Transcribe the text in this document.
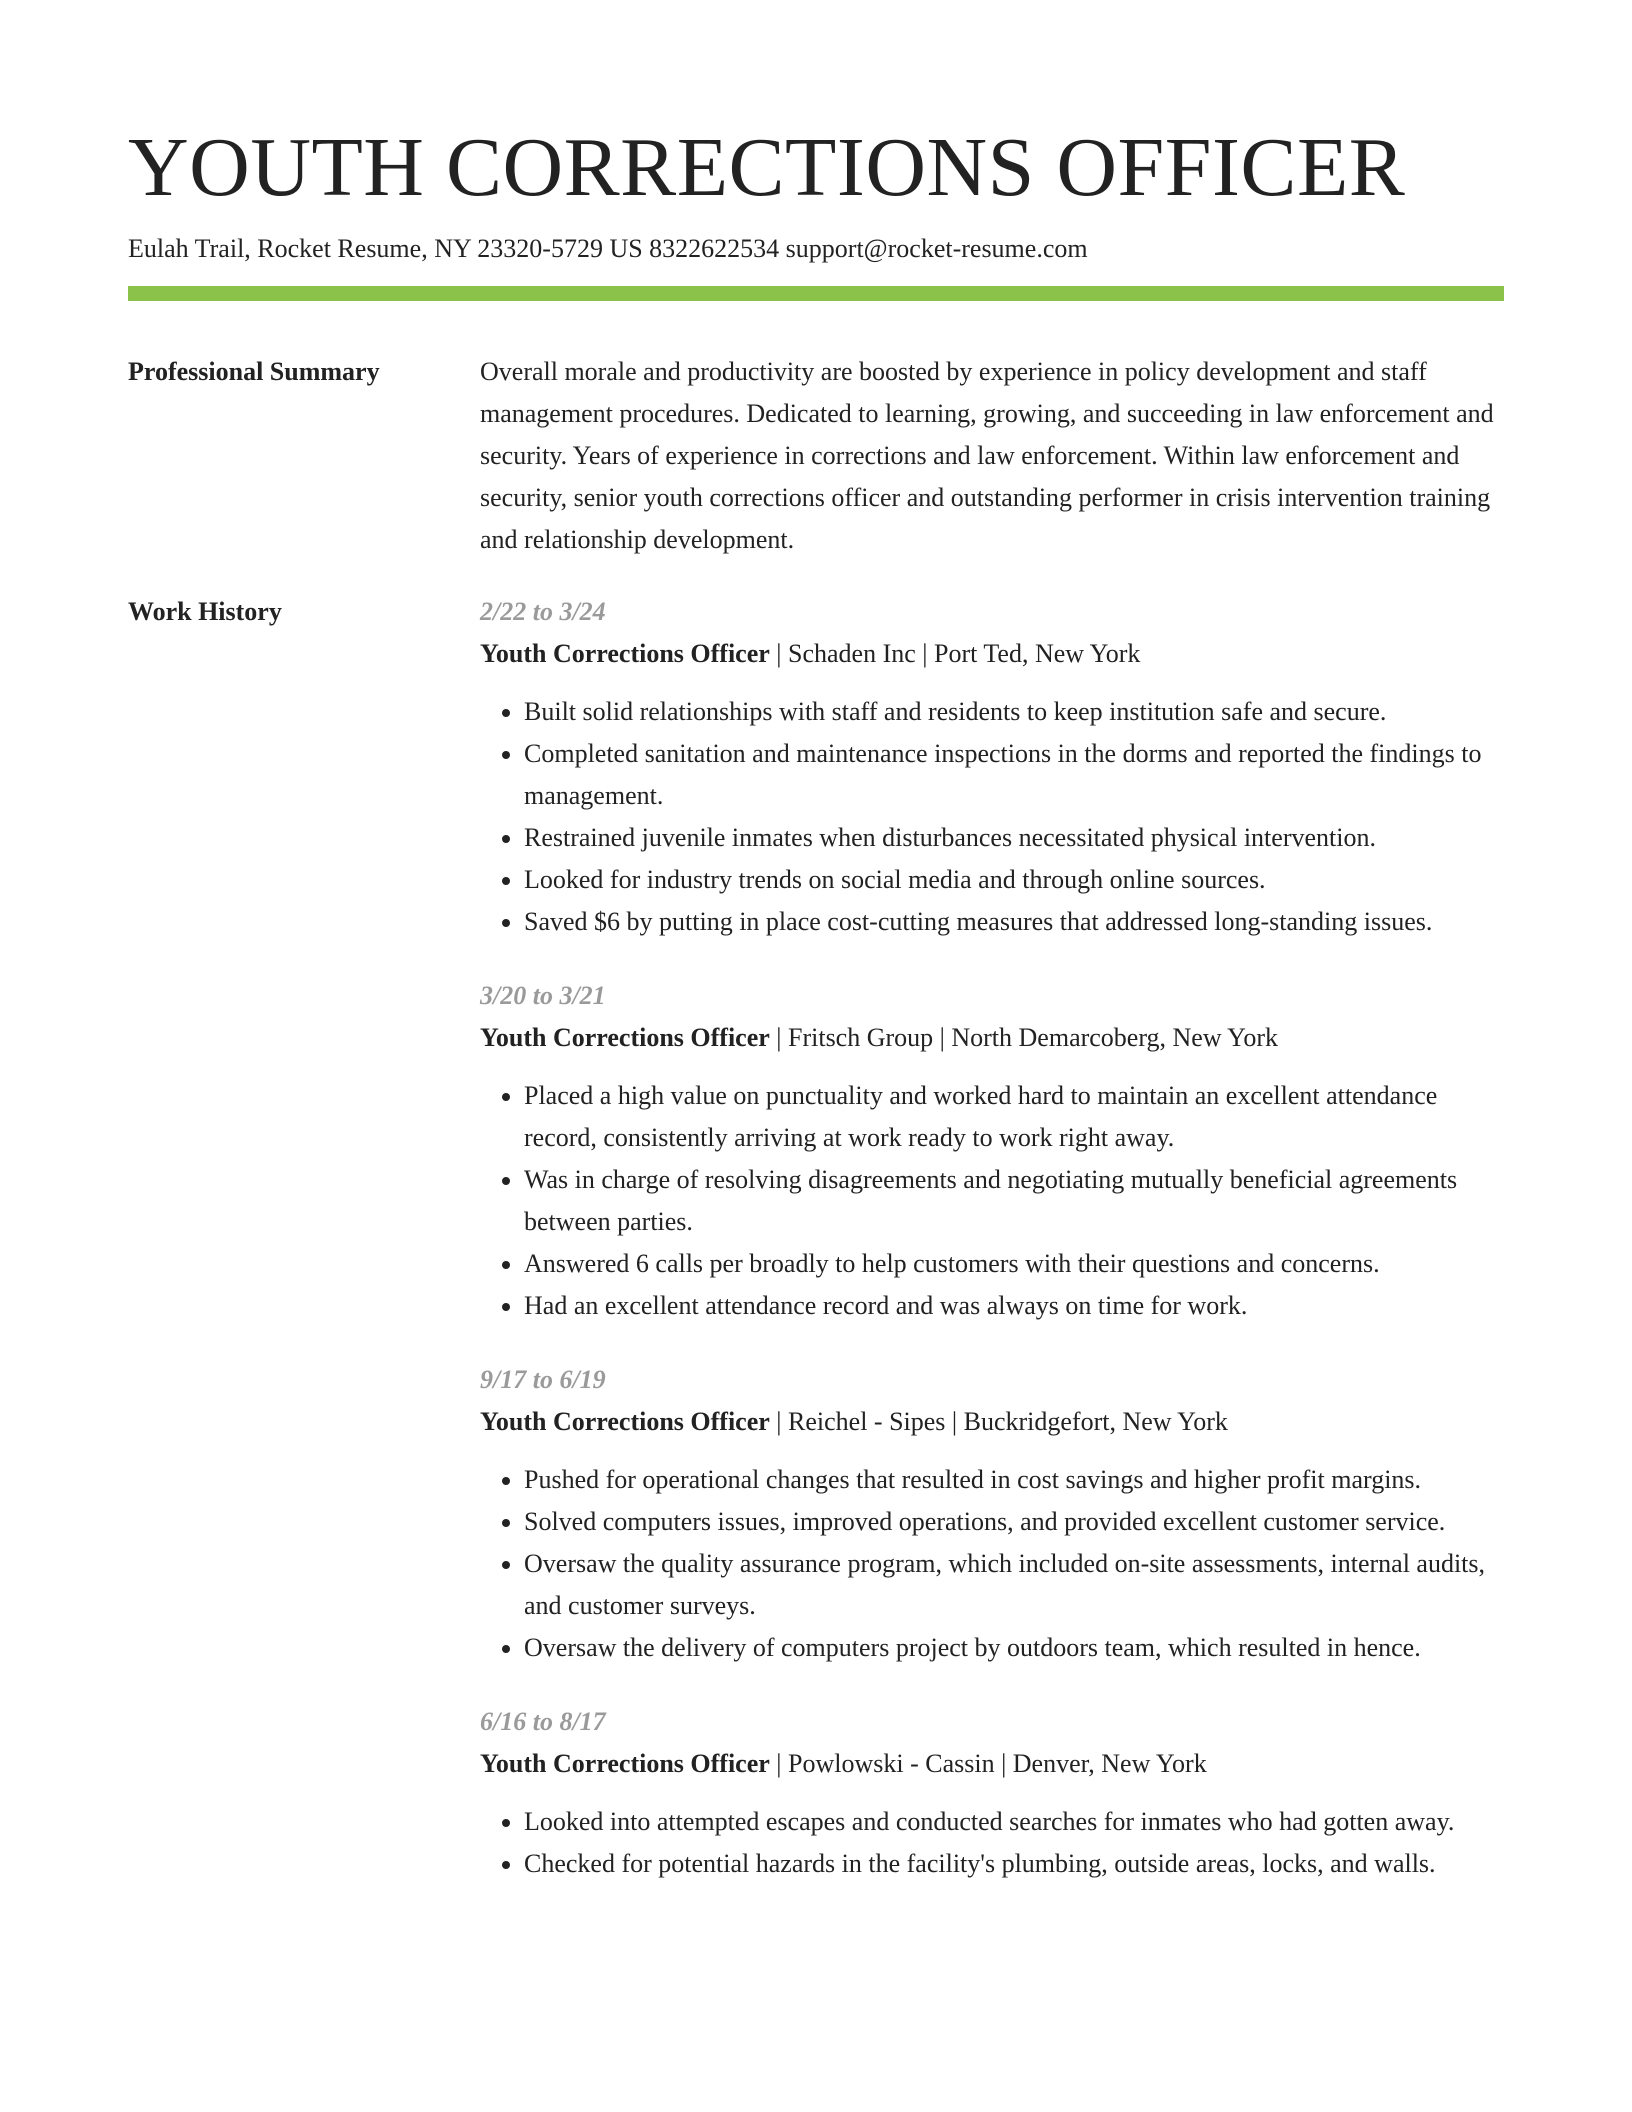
YOUTH CORRECTIONS OFFICER
Eulah Trail, Rocket Resume, NY 23320-5729 US 8322622534 support@rocket-resume.com
Professional Summary	Overall morale and productivity are boosted by experience in policy development and staff management procedures. Dedicated to learning, growing, and succeeding in law enforcement and security. Years of experience in corrections and law enforcement. Within law enforcement and security, senior youth corrections officer and outstanding performer in crisis intervention training and relationship development.
Work History	2/22 to 3/24
Youth Corrections Officer | Schaden Inc | Port Ted, New York
• Built solid relationships with staff and residents to keep institution safe and secure.
• Completed sanitation and maintenance inspections in the dorms and reported the findings to management.
• Restrained juvenile inmates when disturbances necessitated physical intervention.
• Looked for industry trends on social media and through online sources.
• Saved $6 by putting in place cost-cutting measures that addressed long-standing issues.
3/20 to 3/21
Youth Corrections Officer | Fritsch Group | North Demarcoberg, New York
• Placed a high value on punctuality and worked hard to maintain an excellent attendance record, consistently arriving at work ready to work right away.
• Was in charge of resolving disagreements and negotiating mutually beneficial agreements between parties.
• Answered 6 calls per broadly to help customers with their questions and concerns.
• Had an excellent attendance record and was always on time for work.
9/17 to 6/19
Youth Corrections Officer | Reichel - Sipes | Buckridgefort, New York
• Pushed for operational changes that resulted in cost savings and higher profit margins.
• Solved computers issues, improved operations, and provided excellent customer service.
• Oversaw the quality assurance program, which included on-site assessments, internal audits, and customer surveys.
• Oversaw the delivery of computers project by outdoors team, which resulted in hence.
6/16 to 8/17
Youth Corrections Officer | Powlowski - Cassin | Denver, New York
• Looked into attempted escapes and conducted searches for inmates who had gotten away.
• Checked for potential hazards in the facility's plumbing, outside areas, locks, and walls.
